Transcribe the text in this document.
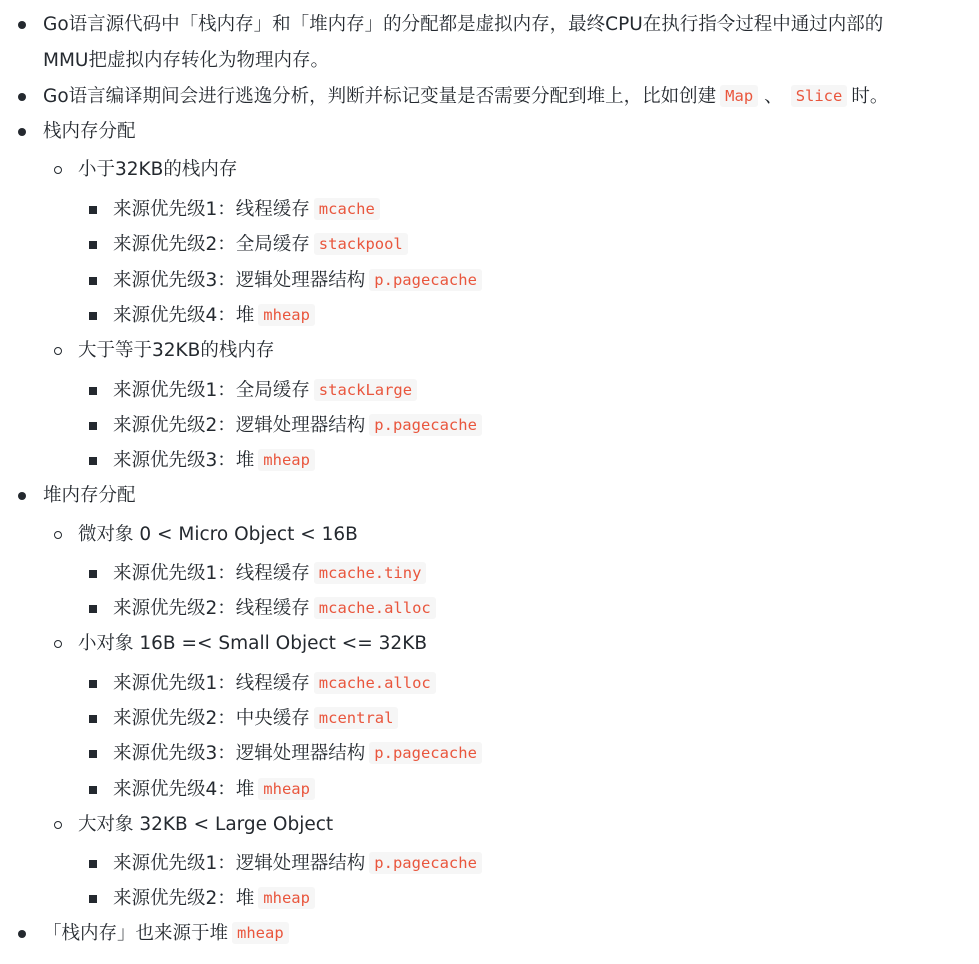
Go语言源代码中「栈内存」和「堆内存」的分配都是虚拟内存，最终CPU在执行指令过程中通过内部的
MMU把虚拟内存转化为物理内存。
Go语言编译期间会进行逃逸分析，判断并标记变量是否需要分配到堆上，比如创建 Map 、 Slice 时。
栈内存分配
小于32KB的栈内存
来源优先级1：线程缓存 mcache
来源优先级2：全局缓存 stackpool
来源优先级3：逻辑处理器结构 p.pagecache
来源优先级4：堆 mheap
大于等于32KB的栈内存
来源优先级1：全局缓存 stackLarge
来源优先级2：逻辑处理器结构 p.pagecache
来源优先级3：堆 mheap
堆内存分配
微对象 0 < Micro Object < 16B
来源优先级1：线程缓存 mcache.tiny
来源优先级2：线程缓存 mcache.alloc
小对象 16B =< Small Object <= 32KB
来源优先级1：线程缓存 mcache.alloc
来源优先级2：中央缓存 mcentral
来源优先级3：逻辑处理器结构 p.pagecache
来源优先级4：堆 mheap
大对象 32KB < Large Object
来源优先级1：逻辑处理器结构 p.pagecache
来源优先级2：堆 mheap
「栈内存」也来源于堆 mheap
